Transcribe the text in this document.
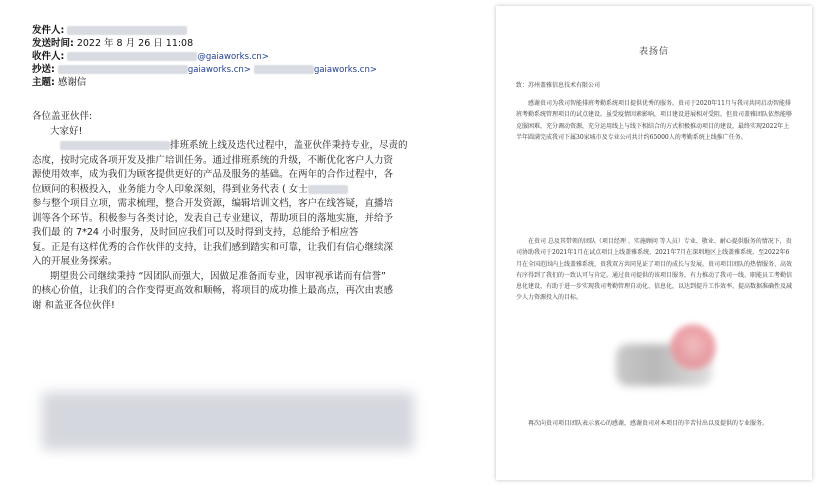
发件人:
发送时间: 2022 年 8 月 26 日 11:08
收件人:	@gaiaworks.cn>
抄送:	gaiaworks.cn>	gaiaworks.cn>
主题: 感谢信

各位盖亚伙伴:

大家好!

排班系统上线及迭代过程中，盖亚伙伴秉持专业，尽责的

态度，按时完成各项开发及推广培训任务。通过排班系统的升级，不断优化客户人力资

源使用效率，成为我们为顾客提供更好的产品及服务的基础。在两年的合作过程中，各

位顾问的积极投入，业务能力令人印象深刻，得到业务代表 ( 女士

参与整个项目立项，需求梳理，整合开发资源，编辑培训文档，客户在线答疑，直播培

训等各个环节。积极参与各类讨论，发表自己专业建议，帮助项目的落地实施，并给予

我们最 的 7*24 小时服务，及时回应我们可以及时得到支持，总能给予相应答

复。正是有这样优秀的合作伙伴的支持，让我们感到踏实和可靠，让我们有信心继续深

入的开展业务探索。

期望贵公司继续秉持 “因团队而强大，因做足准备而专业，因审视承诺而有信誉”

的核心价值，让我们的合作变得更高效和顺畅，将项目的成功推上最高点，再次由衷感

谢 和盖亚各位伙伴!

表扬信
致：苏州盖雅信息技术有限公司
感谢贵司为我司智能排班考勤系统项目提供优秀的服务。贵司于2020年11月与我司共同启动智能排班考勤系统管理项目的试点建设。虽受疫情因素影响，项目建设进展相对受阻，但贵司盖雅团队依然能够克服困难，充分调动资源，充分运用线上与线下相结合的方式积极推动项目的建设，最终实现2022年上半年圆满完成我司下属30家城市及专业公司共计约65000人的考勤系统上线推广任务。
在贵司 总及其带领的团队（项目经理 、实施顾问 等人员）专业、敬业、耐心提供服务的情况下，贵司协助我司于2021年1月在试点项目上线盖雅系统，2021年7月在深圳地区上线盖雅系统，至2022年6月在全国范围内上线盖雅系统，贵我双方共同见证了项目的成长与发展。贵司项目团队的热情服务、高效有序得到了我们的一致认可与肯定。通过贵司提供的该项目服务，有力推动了我司一线、职能员工考勤信息化建设，有助于进一步实现我司考勤管理自动化、信息化，以达到提升工作效率、提高数据准确性及减少人力资源投入的目标。
再次向贵司项目团队表示衷心的感谢，感谢贵司对本项目的辛苦付出以及提供的专业服务。
